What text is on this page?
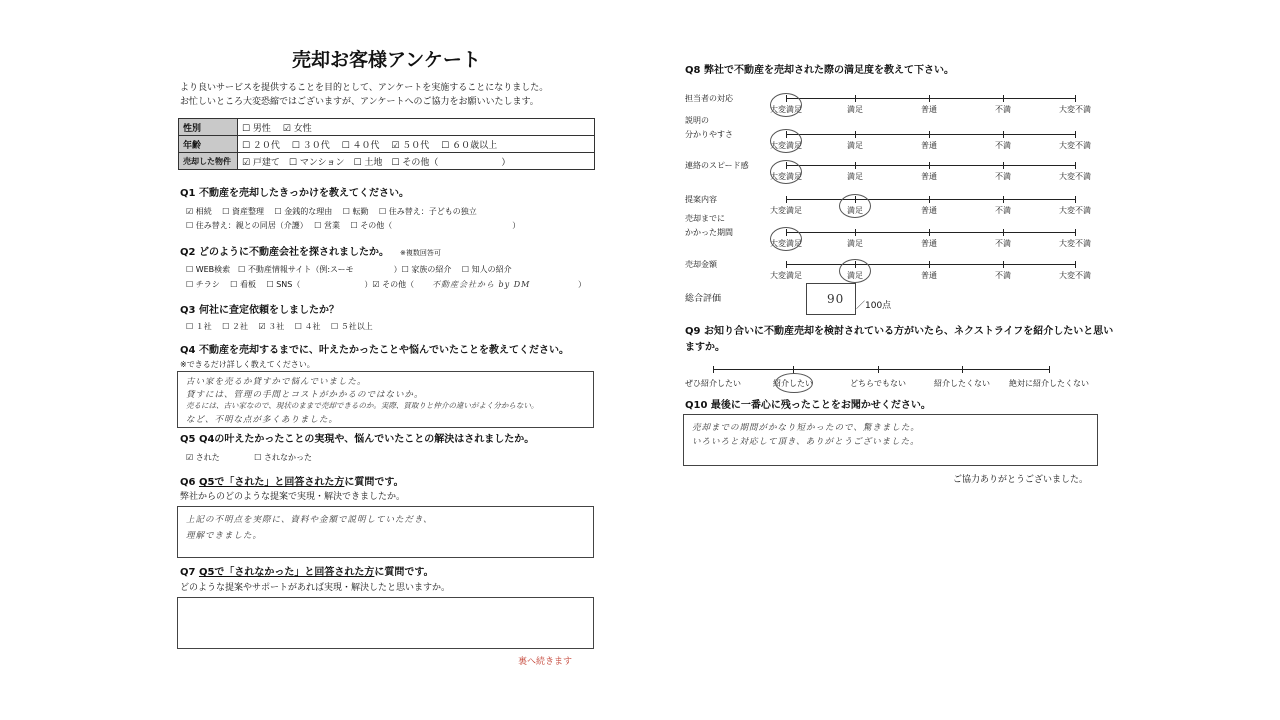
売却お客様アンケート
より良いサービスを提供することを目的として、アンケートを実施することになりました。
お忙しいところ大変恐縮ではございますが、アンケートへのご協力をお願いいたします。
性別	☐ 男性　 ☑ 女性
年齢	☐ ２０代 　☐ ３０代 　☐ ４０代 　☑ ５０代 　☐ ６０歳以上
売却した物件	☑ 戸建て　☐ マンション　☐ 土地　☐ その他（　　　　　　　）
Q1 不動産を売却したきっかけを教えてください。
☑ 相続　 ☐ 資産整理　 ☐ 金銭的な理由　 ☐ 転勤　 ☐ 住み替え：子どもの独立
☐ 住み替え：親との同居（介護）　 ☐ 営業　 ☐ その他（　　　　　　　　　　　　　　　）
Q2 どのように不動産会社を探されましたか。 ※複数回答可
☐ WEB検索　☐ 不動産情報サイト（例:スーモ　　　　　）☐ 家族の紹介　 ☐ 知人の紹介
☐ チラシ　 ☐ 看板　 ☐ SNS（　　　　　　　　）☑ その他（ 不動産会社から by DM	）
Q3 何社に査定依頼をしましたか？
☐ １社　 ☐ ２社　 ☑ ３社　 ☐ ４社　 ☐ ５社以上
Q4 不動産を売却するまでに、叶えたかったことや悩んでいたことを教えてください。
※できるだけ詳しく教えてください。
古い家を売るか貸すかで悩んでいました。
貸すには、管理の手間とコストがかかるのではないか。
売るには、古い家なので、現状のままで売却できるのか。実際、買取りと仲介の違いがよく分からない。
など、不明な点が多くありました。
Q5 Q4の叶えたかったことの実現や、悩んでいたことの解決はされましたか。
☑ された　　　　 ☐ されなかった
Q6 Q5で「された」と回答された方に質問です。
弊社からのどのような提案で実現・解決できましたか。
上記の不明点を実際に、資料や金額で説明していただき、
理解できました。
Q7 Q5で「されなかった」と回答された方に質問です。
どのような提案やサポートがあれば実現・解決したと思いますか。
裏へ続きます
Q8 弊社で不動産を売却された際の満足度を教えて下さい。
担当者の対応
大変満足	満足	普通	不満	大変不満
説明の
分かりやすさ
大変満足	満足	普通	不満	大変不満
連絡のスピード感
大変満足	満足	普通	不満	大変不満
提案内容
大変満足	満足	普通	不満	大変不満
売却までに
かかった期間
大変満足	満足	普通	不満	大変不満
売却金額
大変満足	満足	普通	不満	大変不満
総合評価	90 ／100点
Q9 お知り合いに不動産売却を検討されている方がいたら、ネクストライフを紹介したいと思い
ますか。
ぜひ紹介したい	紹介したい	どちらでもない	紹介したくない	絶対に紹介したくない
Q10 最後に一番心に残ったことをお聞かせください。
売却までの期間がかなり短かったので、驚きました。
いろいろと対応して頂き、ありがとうございました。
ご協力ありがとうございました。
